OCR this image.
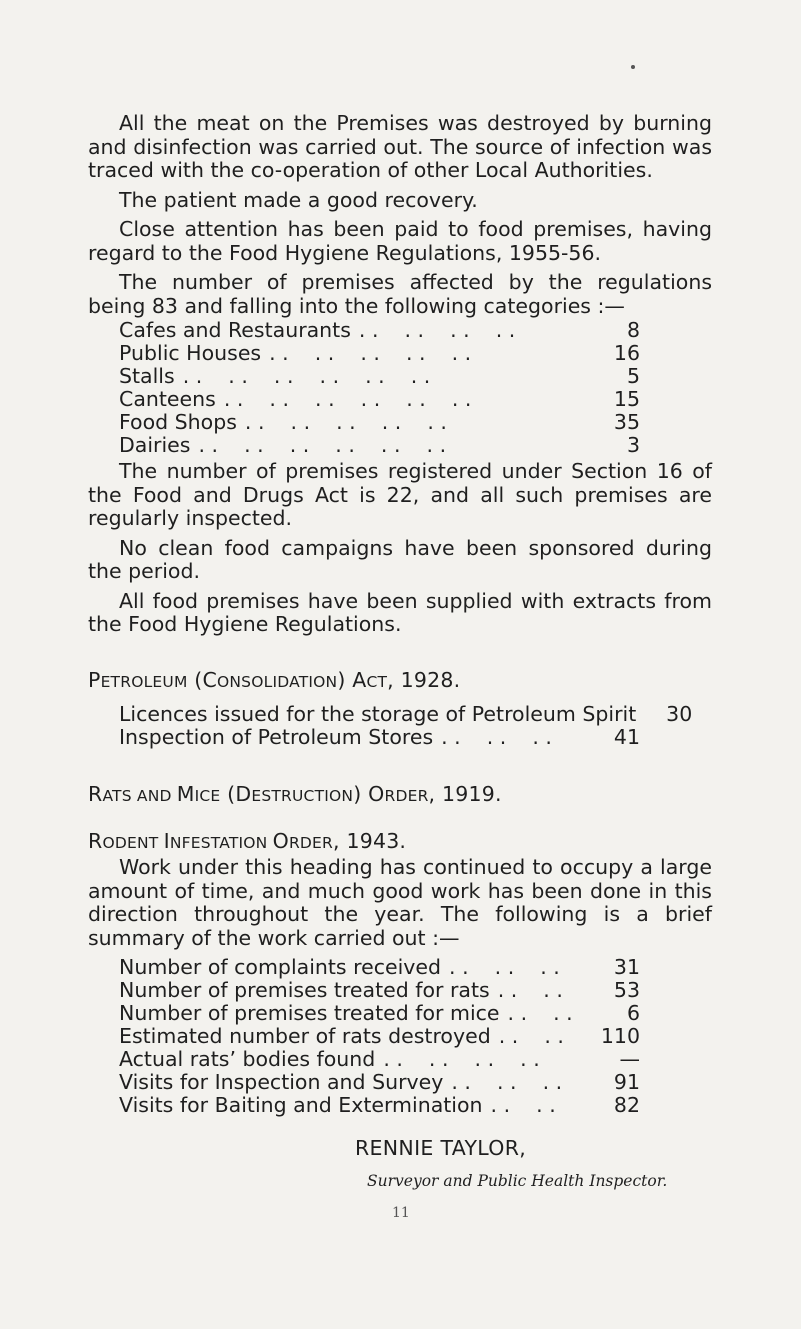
All the meat on the Premises was destroyed by burning and disinfection was carried out. The source of infection was traced with the co-operation of other Local Authorities.

The patient made a good recovery.

Close attention has been paid to food premises, having regard to the Food Hygiene Regulations, 1955-56.

The number of premises affected by the regulations being 83 and falling into the following categories :—

Cafes and Restaurants . .    . .    . .    . .	8
Public Houses . .    . .    . .    . .    . .	16
Stalls . .    . .    . .    . .    . .    . .	5
Canteens . .    . .    . .    . .    . .    . .	15
Food Shops . .    . .    . .    . .    . .	35
Dairies . .    . .    . .    . .    . .    . .	3

The number of premises registered under Section 16 of the Food and Drugs Act is 22, and all such premises are regularly inspected.

No clean food campaigns have been sponsored during the period.

All food premises have been supplied with extracts from the Food Hygiene Regulations.

PETROLEUM (CONSOLIDATION) ACT, 1928.
Licences issued for the storage of Petroleum Spirit	30
Inspection of Petroleum Stores . .    . .    . .	41
RATS AND MICE (DESTRUCTION) ORDER, 1919.
RODENT INFESTATION ORDER, 1943.

Work under this heading has continued to occupy a large amount of time, and much good work has been done in this direction throughout the year. The following is a brief summary of the work carried out :—

Number of complaints received . .    . .    . .	31
Number of premises treated for rats . .    . .	53
Number of premises treated for mice . .    . .	6
Estimated number of rats destroyed . .    . .	110
Actual rats’ bodies found . .    . .    . .    . .	—
Visits for Inspection and Survey . .    . .    . .	91
Visits for Baiting and Extermination . .    . .	82
RENNIE TAYLOR,
Surveyor and Public Health Inspector.
11
